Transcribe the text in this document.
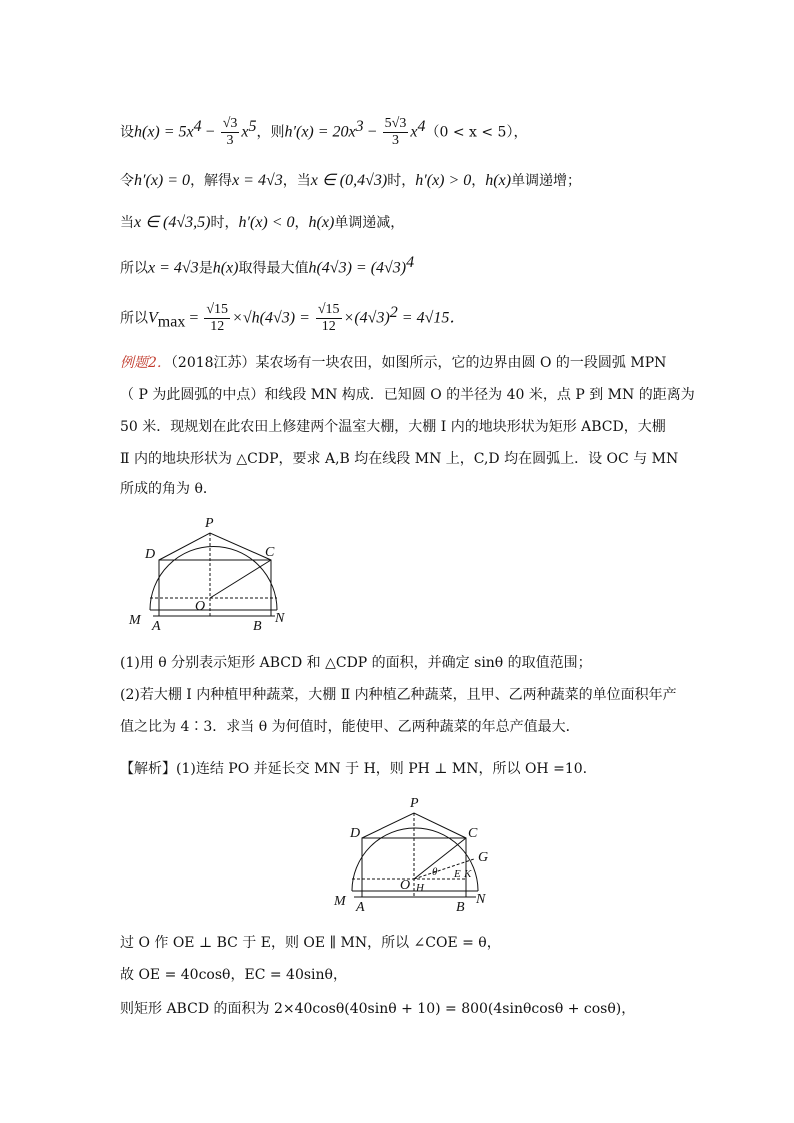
设$h(x) = 5x^4 - \frac{√3}{3} x^5$，则$h'(x) = 20x^3 - \frac{5√3}{3} x^4(0 < x < 5)$，
令h′(x) = 0，解得x = 4√3，当x ∈ (0,4√3)时，h′(x) > 0，h(x)单调递增；
当x ∈ (4√3,5)时，h′(x) < 0，h(x)单调递减，
所以x = 4√3是h(x)取得最大值$h(4√3) = (4√3)^4$
所以$V_{max} = \frac{√15}{12} \times√h(4√3) = \frac{√15}{12} \times(4√3)^2 = 4√15$．
例题2．（2018江苏）某农场有一块农田，如图所示，它的边界由圆 O 的一段圆弧 MPN
（ P 为此圆弧的中点）和线段 MN 构成．已知圆 O 的半径为 40 米，点 P 到 MN 的距离为
50 米．现规划在此农田上修建两个温室大棚，大棚 Ⅰ 内的地块形状为矩形 ABCD，大棚
Ⅱ 内的地块形状为 △CDP，要求 A,B 均在线段 MN 上，C,D 均在圆弧上．设 OC 与 MN
所成的角为 θ．
P
D	C
O
M A	B
N
(1)用 θ 分别表示矩形 ABCD 和 △CDP 的面积，并确定 sinθ 的取值范围；
(2)若大棚 Ⅰ 内种植甲种蔬菜，大棚 Ⅱ 内种植乙种蔬菜，且甲、乙两种蔬菜的单位面积年产
值之比为 4∶3．求当 θ 为何值时，能使甲、乙两种蔬菜的年总产值最大．
【解析】(1)连结 PO 并延长交 MN 于 H，则 PH ⊥ MN，所以 OH =10.
P
D	C
G
O H
θ E K
M A	B
N
过 O 作 OE ⊥ BC 于 E，则 OE ∥ MN，所以 ∠COE = θ，
故 OE = 40cosθ，EC = 40sinθ，
则矩形 ABCD 的面积为 2×40cosθ(40sinθ + 10) = 800(4sinθcosθ + cosθ)，
